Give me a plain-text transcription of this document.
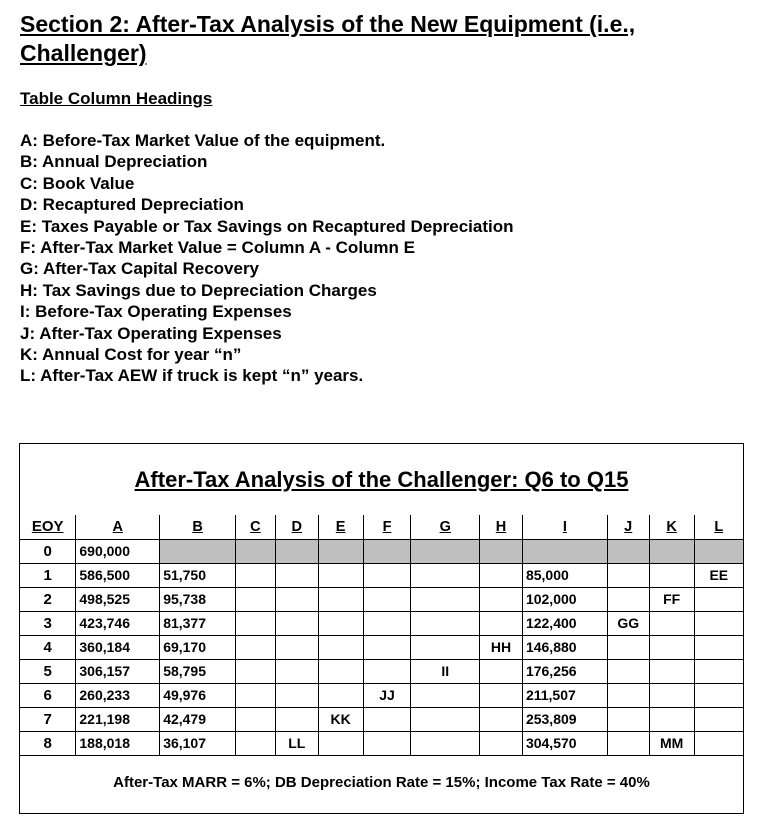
Section 2: After-Tax Analysis of the New Equipment (i.e., Challenger)
Table Column Headings
A: Before-Tax Market Value of the equipment.
B: Annual Depreciation
C: Book Value
D: Recaptured Depreciation
E: Taxes Payable or Tax Savings on Recaptured Depreciation
F: After-Tax Market Value = Column A - Column E
G: After-Tax Capital Recovery
H: Tax Savings due to Depreciation Charges
I: Before-Tax Operating Expenses
J: After-Tax Operating Expenses
K: Annual Cost for year “n”
L: After-Tax AEW if truck is kept “n” years.
After-Tax Analysis of the Challenger: Q6 to Q15
EOY	A	B	C	D	E	F	G	H	I	J	K	L
0	690,000											
1	586,500	51,750							85,000			EE
2	498,525	95,738							102,000		FF	
3	423,746	81,377							122,400	GG		
4	360,184	69,170						HH	146,880			
5	306,157	58,795					II		176,256			
6	260,233	49,976				JJ			211,507			
7	221,198	42,479			KK				253,809			
8	188,018	36,107		LL					304,570		MM	

After-Tax MARR = 6%; DB Depreciation Rate = 15%; Income Tax Rate = 40%
